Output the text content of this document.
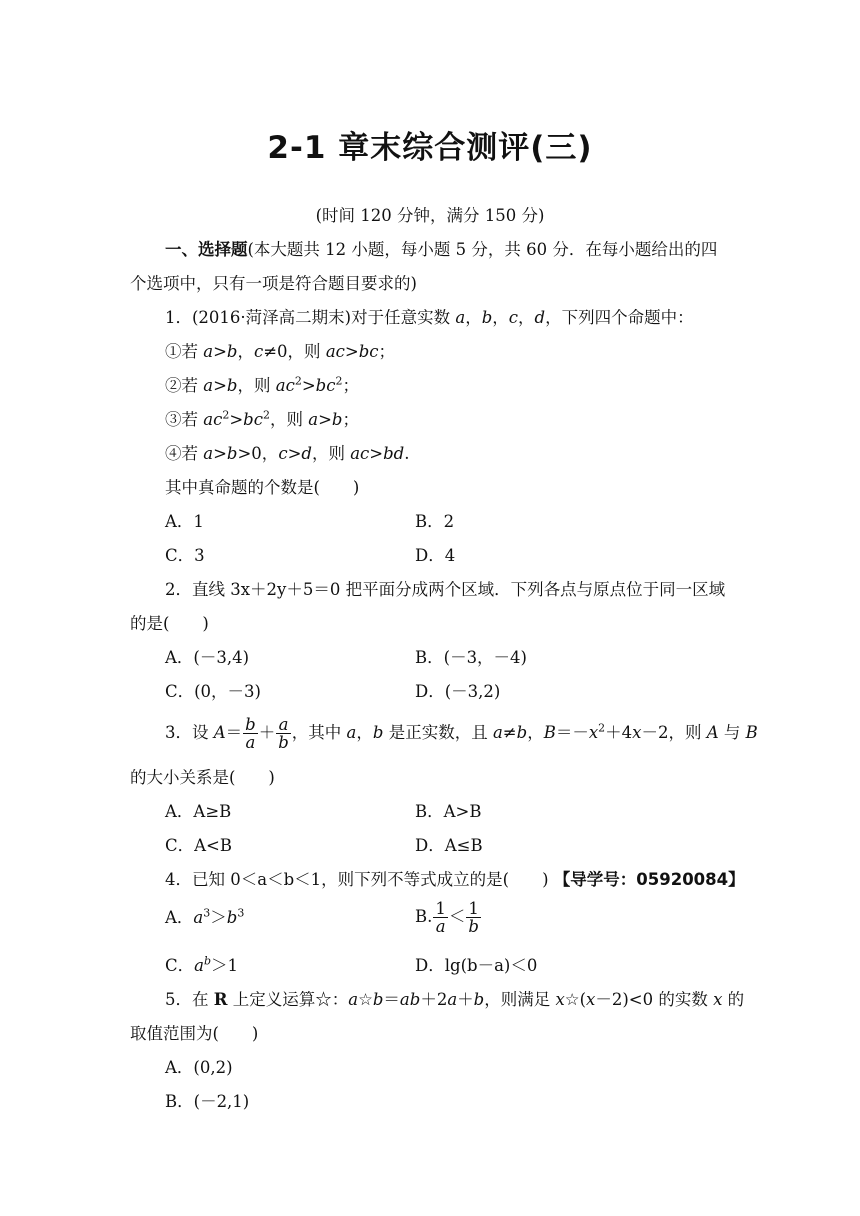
2-1 章末综合测评(三)
(时间 120 分钟，满分 150 分)
一、选择题(本大题共 12 小题，每小题 5 分，共 60 分．在每小题给出的四
个选项中，只有一项是符合题目要求的)
1．(2016·菏泽高二期末)对于任意实数 a，b，c，d，下列四个命题中：
①若 a>b，c≠0，则 ac>bc；
②若 a>b，则 $ac^2>bc^2$；
③若 $ac^2>bc^2$，则 a>b；
④若 a>b>0，c>d，则 ac>bd.
其中真命题的个数是(　　)
A．1	B．2
C．3	D．4
2．直线 3x＋2y＋5＝0 把平面分成两个区域．下列各点与原点位于同一区域
的是(　　)
A．(－3,4)	B．(－3，－4)
C．(0，－3)	D．(－3,2)
3．设 $A= \frac{b}{a} + \frac{a}{b}$ ，其中 a，b 是正实数，且 a≠b，$B=-x^2+4x-2$，则 A 与 B
的大小关系是(　　)
A．A≥B	B．A>B
C．A<B	D．A≤B
4．已知 0＜a＜b＜1，则下列不等式成立的是(　　) 【导学号：05920084】
A．$a^3>b^3$	B. $\frac{1}{a} < \frac{1}{b}$
C．$a^b>1$	D．lg(b－a)＜0
5．在 R 上定义运算☆：a☆b＝ab＋2a＋b，则满足 x☆(x－2)<0 的实数 x 的
取值范围为(　　)
A．(0,2)
B．(－2,1)
